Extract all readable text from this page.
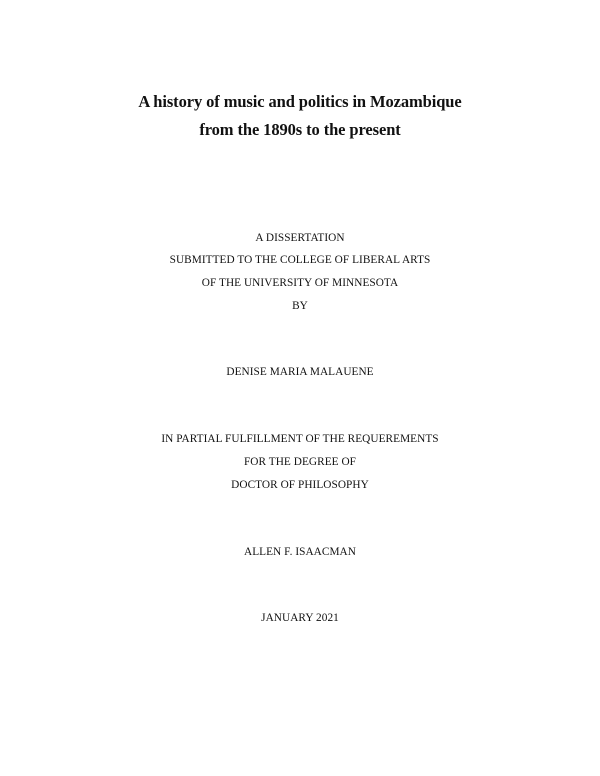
A history of music and politics in Mozambique
from the 1890s to the present
A DISSERTATION
SUBMITTED TO THE COLLEGE OF LIBERAL ARTS
OF THE UNIVERSITY OF MINNESOTA
BY
DENISE MARIA MALAUENE
IN PARTIAL FULFILLMENT OF THE REQUEREMENTS
FOR THE DEGREE OF
DOCTOR OF PHILOSOPHY
ALLEN F. ISAACMAN
JANUARY 2021
